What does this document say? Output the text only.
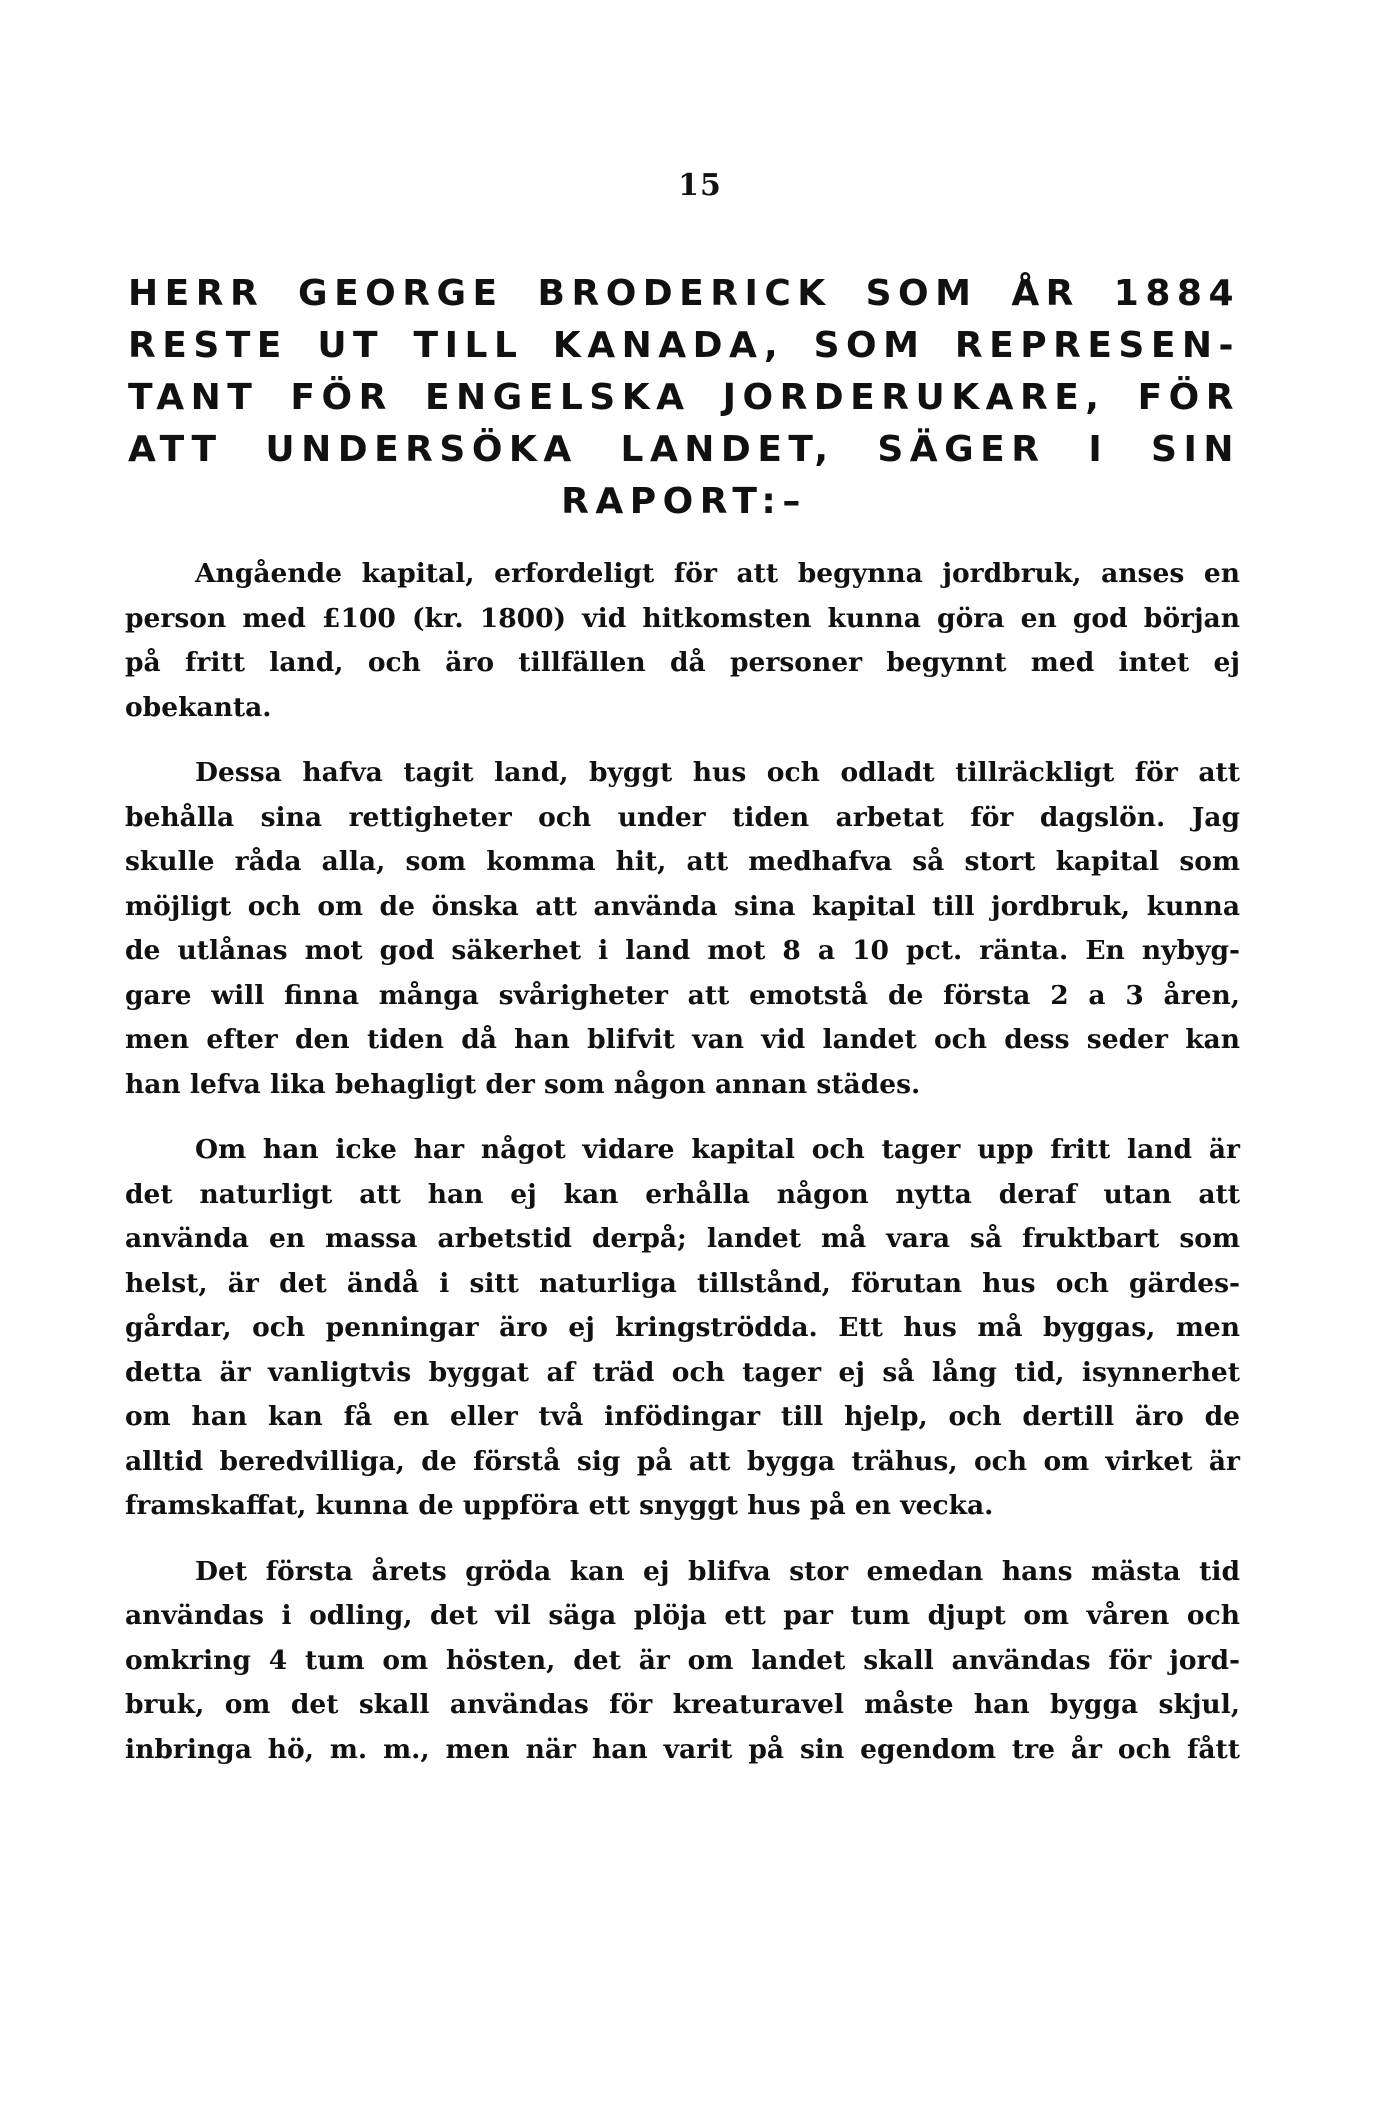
15
HERR GEORGE BRODERICK SOM ÅR 1884
RESTE UT TILL KANADA, SOM REPRESEN-
TANT FÖR ENGELSKA JORDERUKARE, FÖR
ATT UNDERSÖKA LANDET, SÄGER I SIN
RAPORT:–
Angående kapital, erfordeligt för att begynna jordbruk, anses en
person med £100 (kr. 1800) vid hitkomsten kunna göra en god början
på fritt land, och äro tillfällen då personer begynnt med intet ej
obekanta.
Dessa hafva tagit land, byggt hus och odladt tillräckligt för att
behålla sina rettigheter och under tiden arbetat för dagslön. Jag
skulle råda alla, som komma hit, att medhafva så stort kapital som
möjligt och om de önska att använda sina kapital till jordbruk, kunna
de utlånas mot god säkerhet i land mot 8 a 10 pct. ränta. En nybyg-
gare will finna många svårigheter att emotstå de första 2 a 3 åren,
men efter den tiden då han blifvit van vid landet och dess seder kan
han lefva lika behagligt der som någon annan städes.
Om han icke har något vidare kapital och tager upp fritt land är
det naturligt att han ej kan erhålla någon nytta deraf utan att
använda en massa arbetstid derpå; landet må vara så fruktbart som
helst, är det ändå i sitt naturliga tillstånd, förutan hus och gärdes-
gårdar, och penningar äro ej kringströdda. Ett hus må byggas, men
detta är vanligtvis byggat af träd och tager ej så lång tid, isynnerhet
om han kan få en eller två infödingar till hjelp, och dertill äro de
alltid beredvilliga, de förstå sig på att bygga trähus, och om virket är
framskaffat, kunna de uppföra ett snyggt hus på en vecka.
Det första årets gröda kan ej blifva stor emedan hans mästa tid
användas i odling, det vil säga plöja ett par tum djupt om våren och
omkring 4 tum om hösten, det är om landet skall användas för jord-
bruk, om det skall användas för kreaturavel måste han bygga skjul,
inbringa hö, m. m., men när han varit på sin egendom tre år och fått
